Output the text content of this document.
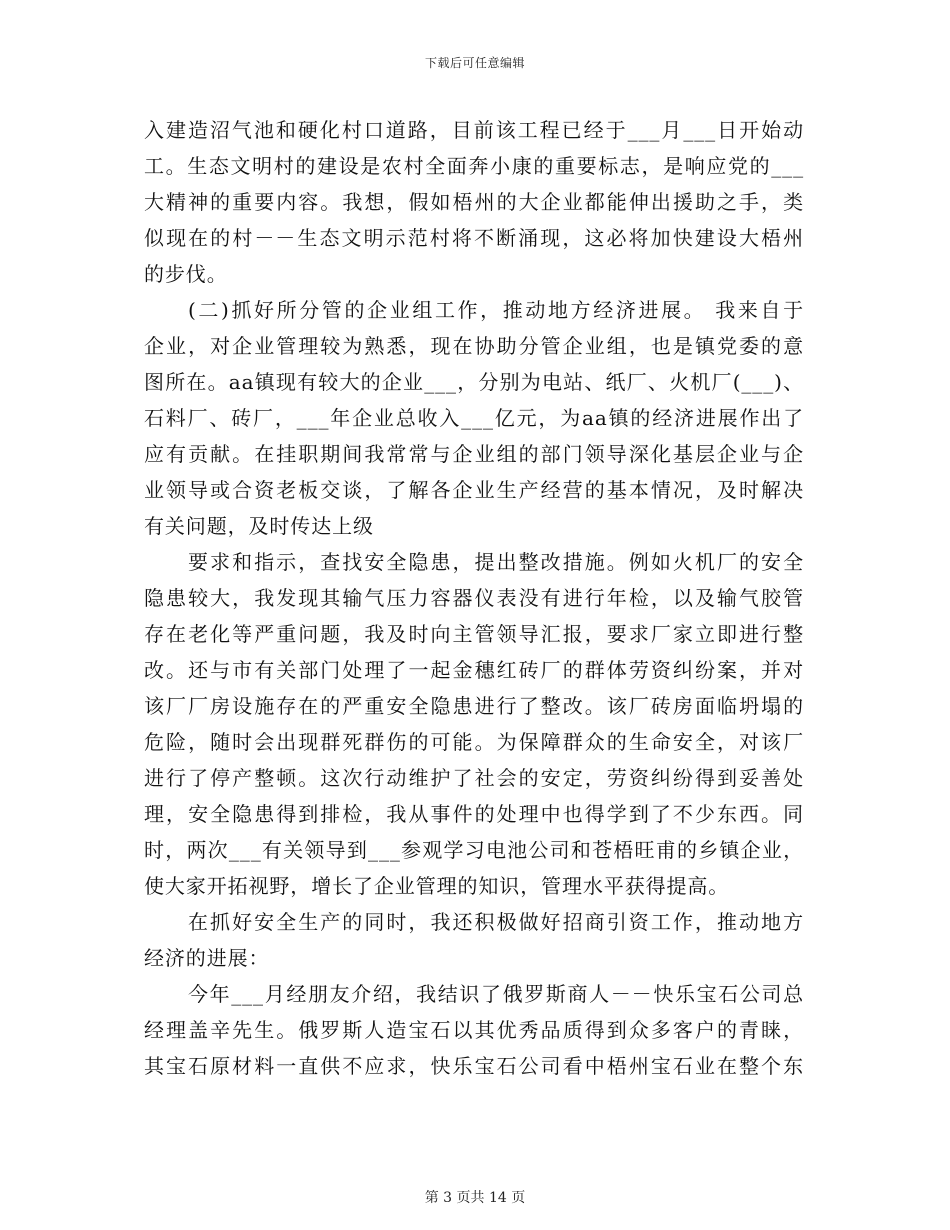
下载后可任意编辑
入建造沼气池和硬化村口道路，目前该工程已经于___月___日开始动
工。生态文明村的建设是农村全面奔小康的重要标志，是响应党的___
大精神的重要内容。我想，假如梧州的大企业都能伸出援助之手，类
似现在的村－－生态文明示范村将不断涌现，这必将加快建设大梧州
的步伐。
(二)抓好所分管的企业组工作，推动地方经济进展。 我来自于
企业，对企业管理较为熟悉，现在协助分管企业组，也是镇党委的意
图所在。aa镇现有较大的企业___，分别为电站、纸厂、火机厂(___)、
石料厂、砖厂，___年企业总收入___亿元，为aa镇的经济进展作出了
应有贡献。在挂职期间我常常与企业组的部门领导深化基层企业与企
业领导或合资老板交谈，了解各企业生产经营的基本情况，及时解决
有关问题，及时传达上级
要求和指示，查找安全隐患，提出整改措施。例如火机厂的安全
隐患较大，我发现其输气压力容器仪表没有进行年检，以及输气胶管
存在老化等严重问题，我及时向主管领导汇报，要求厂家立即进行整
改。还与市有关部门处理了一起金穗红砖厂的群体劳资纠纷案，并对
该厂厂房设施存在的严重安全隐患进行了整改。该厂砖房面临坍塌的
危险，随时会出现群死群伤的可能。为保障群众的生命安全，对该厂
进行了停产整顿。这次行动维护了社会的安定，劳资纠纷得到妥善处
理，安全隐患得到排检，我从事件的处理中也得学到了不少东西。同
时，两次___有关领导到___参观学习电池公司和苍梧旺甫的乡镇企业，
使大家开拓视野，增长了企业管理的知识，管理水平获得提高。
在抓好安全生产的同时，我还积极做好招商引资工作，推动地方
经济的进展：
今年___月经朋友介绍，我结识了俄罗斯商人－－快乐宝石公司总
经理盖辛先生。俄罗斯人造宝石以其优秀品质得到众多客户的青睐，
其宝石原材料一直供不应求，快乐宝石公司看中梧州宝石业在整个东
第 3 页共 14 页
